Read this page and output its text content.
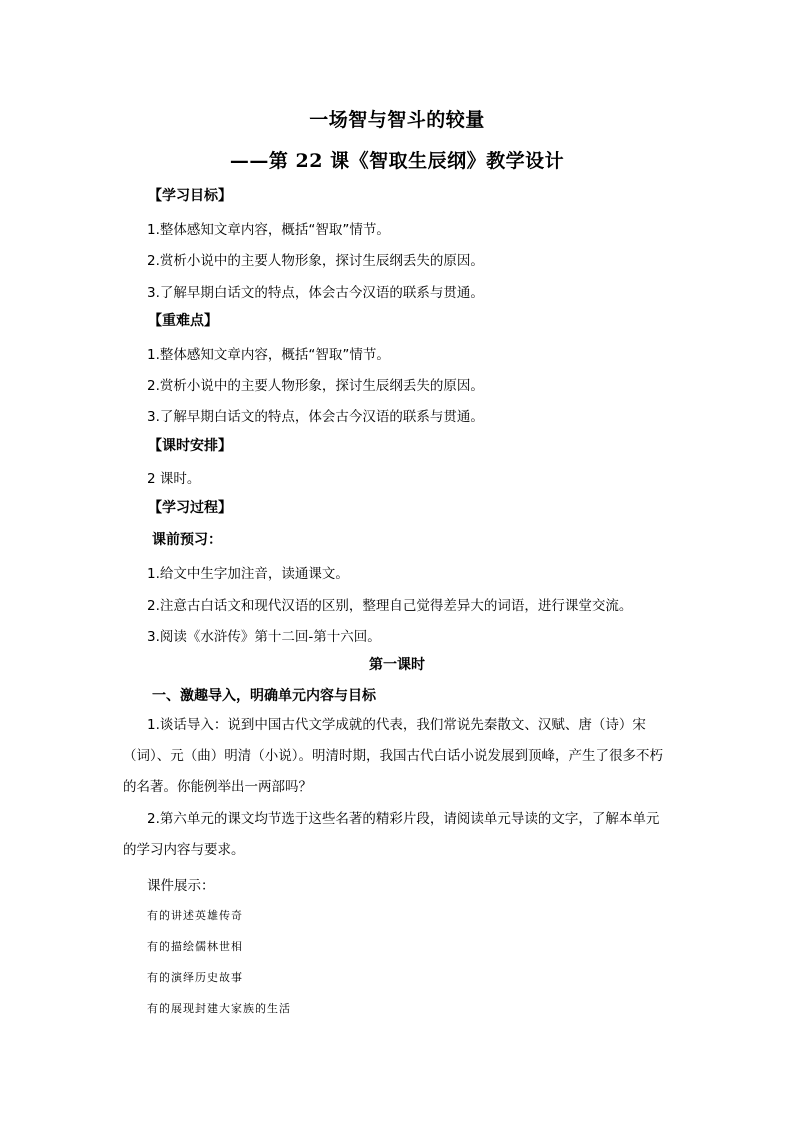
一场智与智斗的较量
——第 22 课《智取生辰纲》教学设计
【学习目标】
1.整体感知文章内容，概括“智取”情节。
2.赏析小说中的主要人物形象，探讨生辰纲丢失的原因。
3.了解早期白话文的特点，体会古今汉语的联系与贯通。
【重难点】
1.整体感知文章内容，概括“智取”情节。
2.赏析小说中的主要人物形象，探讨生辰纲丢失的原因。
3.了解早期白话文的特点，体会古今汉语的联系与贯通。
【课时安排】
2 课时。
【学习过程】
课前预习：
1.给文中生字加注音，读通课文。
2.注意古白话文和现代汉语的区别，整理自己觉得差异大的词语，进行课堂交流。
3.阅读《水浒传》第十二回-第十六回。
第一课时
一、激趣导入，明确单元内容与目标
1.谈话导入：说到中国古代文学成就的代表，我们常说先秦散文、汉赋、唐（诗）宋（词）、元（曲）明清（小说）。明清时期，我国古代白话小说发展到顶峰，产生了很多不朽的名著。你能例举出一两部吗？
2.第六单元的课文均节选于这些名著的精彩片段，请阅读单元导读的文字，了解本单元的学习内容与要求。
课件展示：
有的讲述英雄传奇
有的描绘儒林世相
有的演绎历史故事
有的展现封建大家族的生活
